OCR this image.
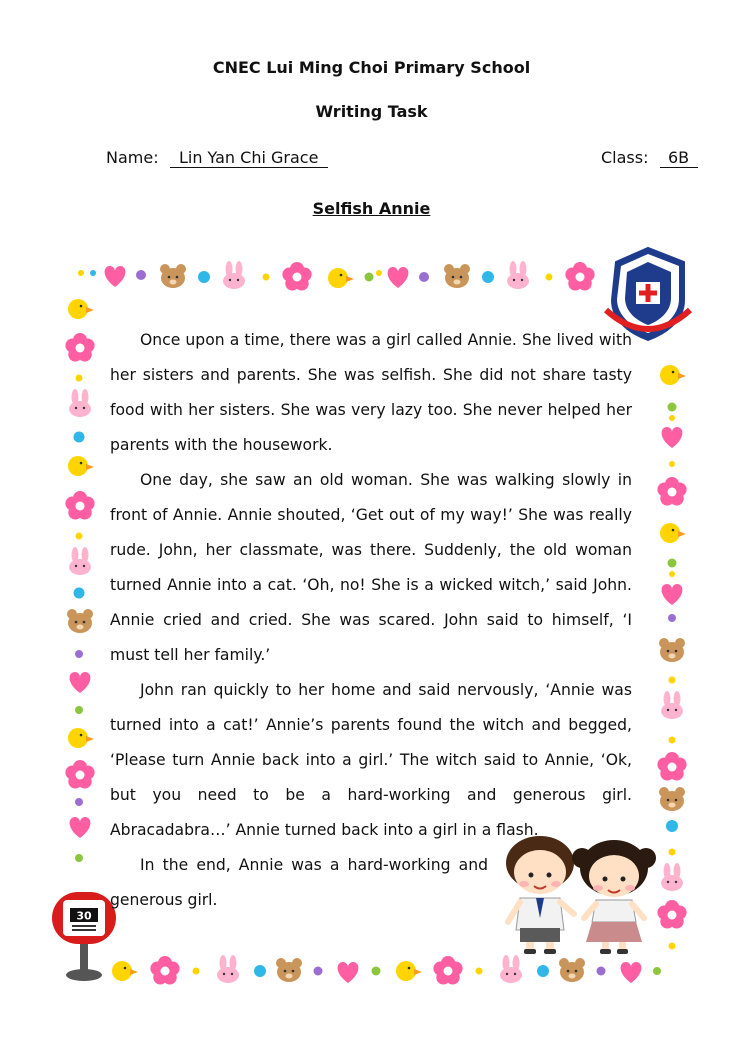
CNEC Lui Ming Choi Primary School
Writing Task
Name: Lin Yan Chi Grace	Class: 6B
Selfish Annie
30

Once upon a time, there was a girl called Annie. She lived with her sisters and parents. She was selfish. She did not share tasty food with her sisters. She was very lazy too. She never helped her parents with the housework.

One day, she saw an old woman. She was walking slowly in front of Annie. Annie shouted, ‘Get out of my way!’ She was really rude. John, her classmate, was there. Suddenly, the old woman turned Annie into a cat. ‘Oh, no! She is a wicked witch,’ said John. Annie cried and cried. She was scared. John said to himself, ‘I must tell her family.’

John ran quickly to her home and said nervously, ‘Annie was turned into a cat!’ Annie’s parents found the witch and begged, ‘Please turn Annie back into a girl.’ The witch said to Annie, ‘Ok, but you need to be a hard-working and generous girl. Abracadabra…’ Annie turned back into a girl in a flash.

In the end, Annie was a hard-working and generous girl.
